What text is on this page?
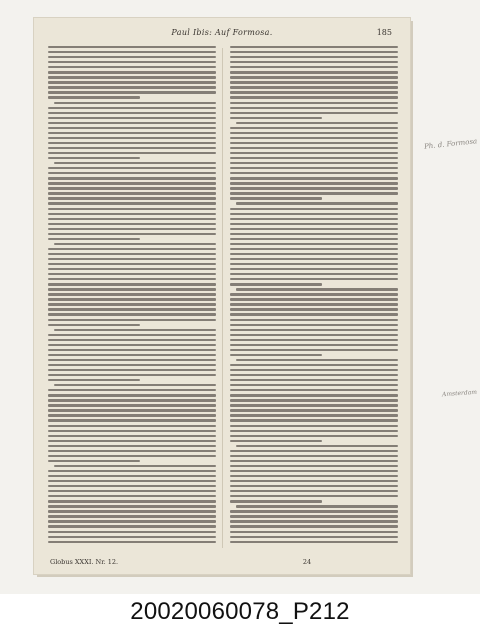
Paul Ibis: Auf Formosa.	185
Globus XXXI. Nr. 12.	24
Ph. d. Formosa
Amsterdam
20020060078_P212
